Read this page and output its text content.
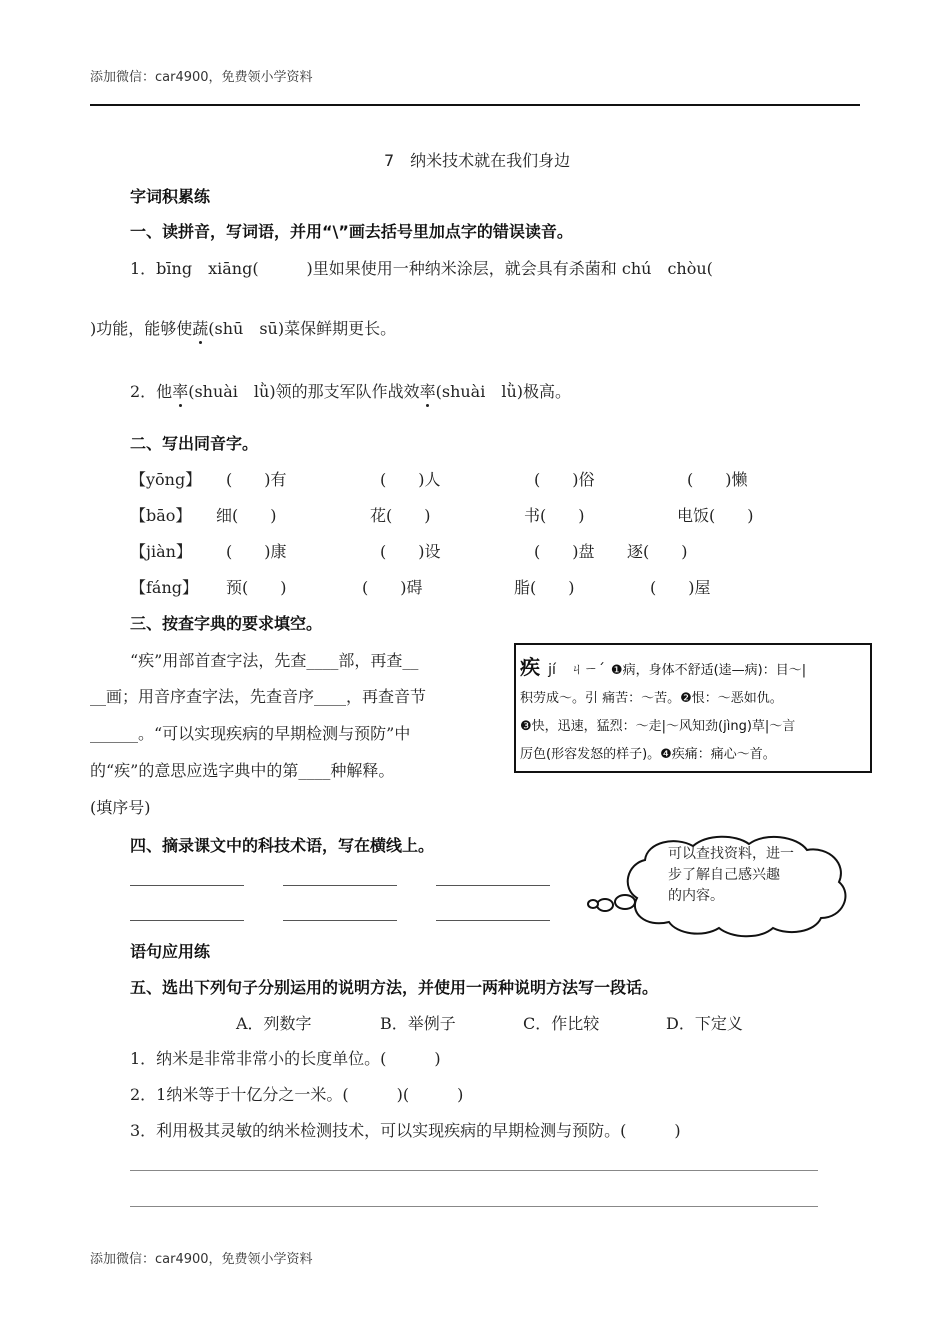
添加微信：car4900，免费领小学资料
7　纳米技术就在我们身边
字词积累练
一、读拼音，写词语，并用“\”画去括号里加点字的错误读音。
1．bīng　xiāng(　　　)里如果使用一种纳米涂层，就会具有杀菌和 chú　chòu(
)功能，能够使蔬(shū　sū)菜保鲜期更长。
2．他率(shuài　lǜ)领的那支军队作战效率(shuài　lǜ)极高。
二、写出同音字。
【yōng】 (　　)有	(　　)人	(　　)俗	(　　)懒
【bāo】 细(　　)	花(　　)	书(　　)	电饭(　　)
【jiàn】 (　　)康	(　　)设	(　　)盘 逐(　　)
【fáng】 预(　　)	(　　)碍	脂(　　)	(　　)屋
三、按查字典的要求填空。
“疾”用部首查字法，先查____部，再查__
__画；用音序查字法，先查音序____，再查音节
______。“可以实现疾病的早期检测与预防”中
的“疾”的意思应选字典中的第____种解释。
(填序号)
疾 jí　ㄐㄧˊ ❶病，身体不舒适(逵—病)：目～|
积劳成～。引 痛苦：～苦。❷恨：～恶如仇。
❸快，迅速，猛烈：～走|～风知劲(jìng)草|～言
厉色(形容发怒的样子)。❹疾痛：痛心～首。
四、摘录课文中的科技术语，写在横线上。	可以查找资料，进一
步了解自己感兴趣
的内容。
语句应用练
五、选出下列句子分别运用的说明方法，并使用一两种说明方法写一段话。
A．列数字	B．举例子	C．作比较	D．下定义
1．纳米是非常非常小的长度单位。(　　　)
2．1纳米等于十亿分之一米。(　　　)(　　　)
3．利用极其灵敏的纳米检测技术，可以实现疾病的早期检测与预防。(　　　)
添加微信：car4900，免费领小学资料
